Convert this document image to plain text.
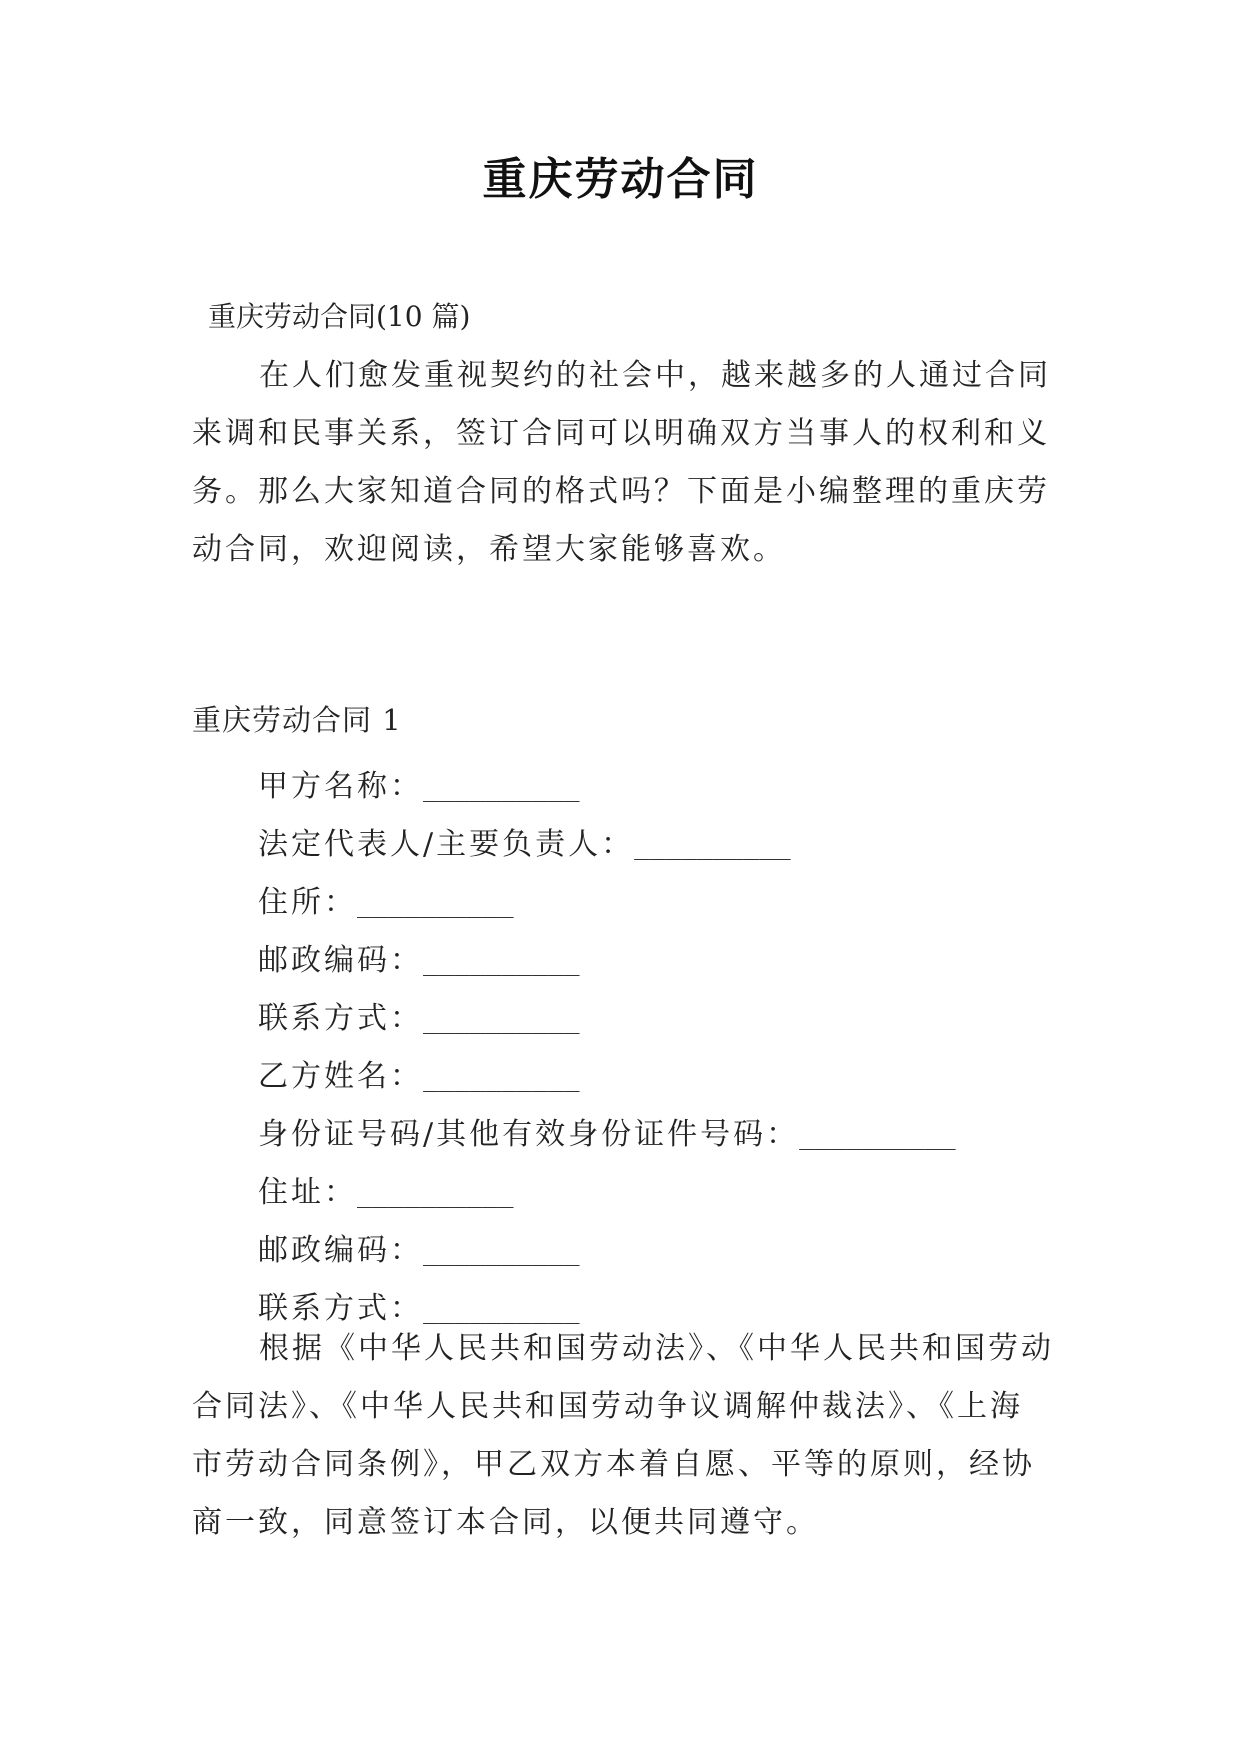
重庆劳动合同
重庆劳动合同(10 篇)

在人们愈发重视契约的社会中，越来越多的人通过合同来调和民事关系，签订合同可以明确双方当事人的权利和义务。那么大家知道合同的格式吗？下面是小编整理的重庆劳动合同，欢迎阅读，希望大家能够喜欢。

重庆劳动合同 1
甲方名称：__________
法定代表人/主要负责人：__________
住所：__________
邮政编码：__________
联系方式：__________
乙方姓名：__________
身份证号码/其他有效身份证件号码：__________
住址：__________
邮政编码：__________
联系方式：__________

根据《中华人民共和国劳动法》、《中华人民共和国劳动合同法》、《中华人民共和国劳动争议调解仲裁法》、《上海市劳动合同条例》，甲乙双方本着自愿、平等的原则，经协商一致，同意签订本合同，以便共同遵守。
